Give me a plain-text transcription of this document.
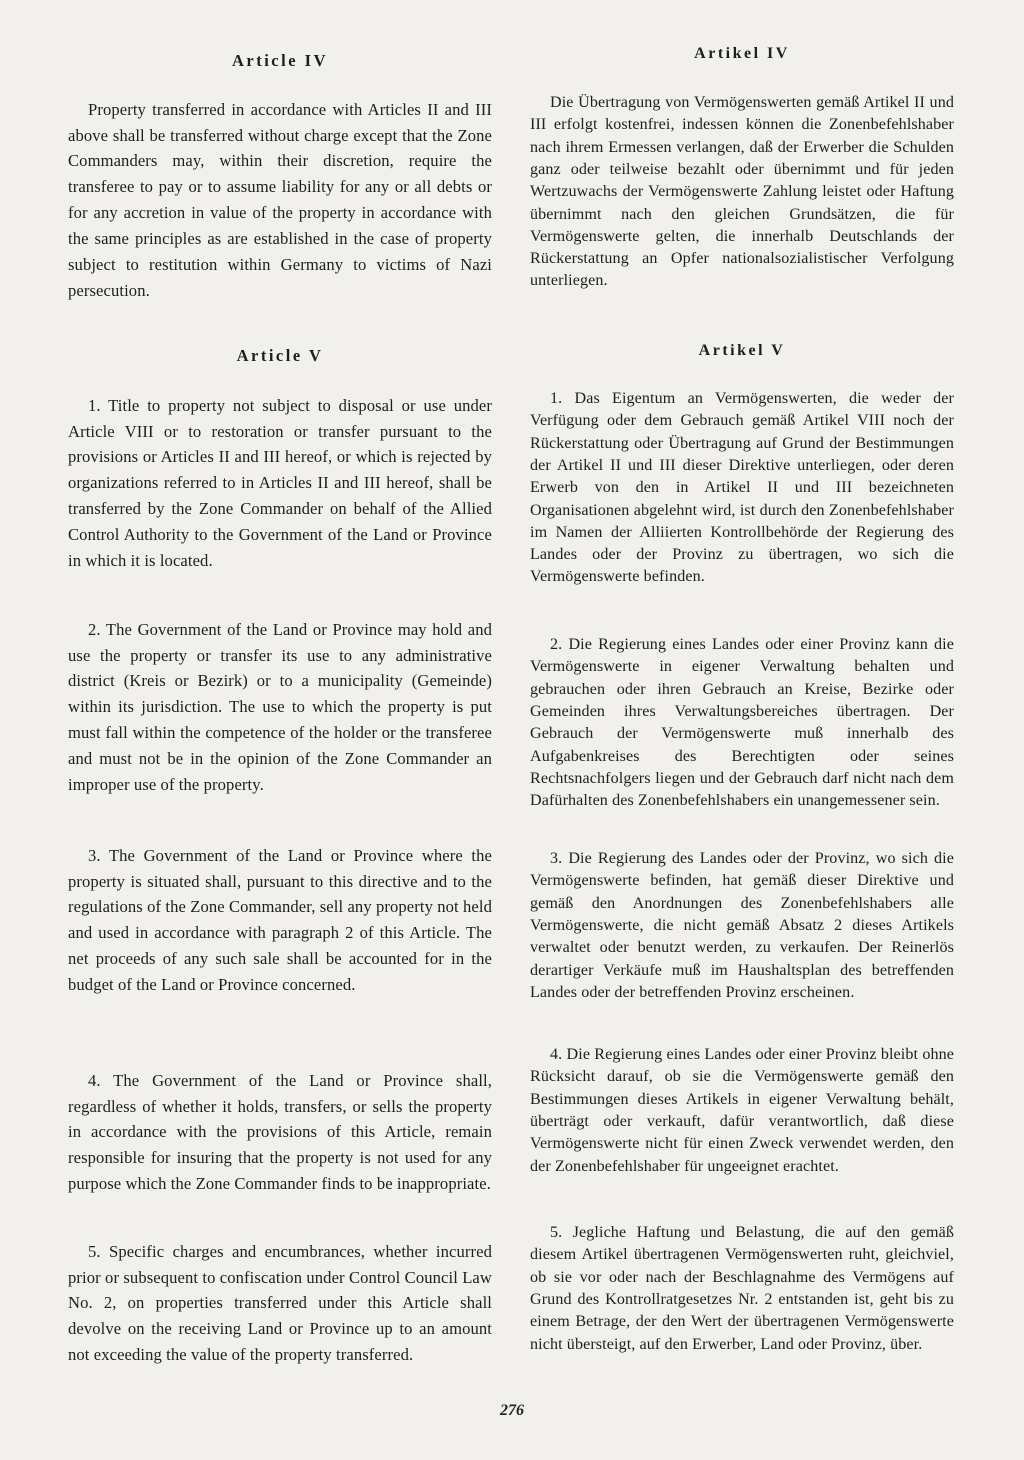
Article IV

Property transferred in accordance with Articles II and III above shall be transferred without charge except that the Zone Commanders may, within their discretion, require the transferee to pay or to assume liability for any or all debts or for any accretion in value of the property in accordance with the same principles as are established in the case of property subject to restitution within Germany to victims of Nazi persecution.

Article V

1. Title to property not subject to disposal or use under Article VIII or to restoration or transfer pursuant to the provisions or Articles II and III hereof, or which is rejected by organizations referred to in Articles II and III hereof, shall be transferred by the Zone Commander on behalf of the Allied Control Authority to the Government of the Land or Province in which it is located.

2. The Government of the Land or Province may hold and use the property or transfer its use to any administrative district (Kreis or Bezirk) or to a municipality (Gemeinde) within its jurisdiction. The use to which the property is put must fall within the competence of the holder or the transferee and must not be in the opinion of the Zone Commander an improper use of the property.

3. The Government of the Land or Province where the property is situated shall, pursuant to this directive and to the regulations of the Zone Commander, sell any property not held and used in accordance with paragraph 2 of this Article. The net proceeds of any such sale shall be accounted for in the budget of the Land or Province concerned.

4. The Government of the Land or Province shall, regardless of whether it holds, transfers, or sells the property in accordance with the provisions of this Article, remain responsible for insuring that the property is not used for any purpose which the Zone Commander finds to be inappropriate.

5. Specific charges and encumbrances, whether incurred prior or subsequent to confiscation under Control Council Law No. 2, on properties transferred under this Article shall devolve on the receiving Land or Province up to an amount not exceeding the value of the property transferred.

Artikel IV

Die Übertragung von Vermögenswerten gemäß Artikel II und III erfolgt kostenfrei, indessen können die Zonenbefehlshaber nach ihrem Ermessen verlangen, daß der Erwerber die Schulden ganz oder teilweise bezahlt oder übernimmt und für jeden Wertzuwachs der Vermögenswerte Zahlung leistet oder Haftung übernimmt nach den gleichen Grundsätzen, die für Vermögenswerte gelten, die innerhalb Deutschlands der Rückerstattung an Opfer nationalsozialistischer Verfolgung unterliegen.

Artikel V

1. Das Eigentum an Vermögenswerten, die weder der Verfügung oder dem Gebrauch gemäß Artikel VIII noch der Rückerstattung oder Übertragung auf Grund der Bestimmungen der Artikel II und III dieser Direktive unterliegen, oder deren Erwerb von den in Artikel II und III bezeichneten Organisationen abgelehnt wird, ist durch den Zonenbefehlshaber im Namen der Alliierten Kontrollbehörde der Regierung des Landes oder der Provinz zu übertragen, wo sich die Vermögenswerte befinden.

2. Die Regierung eines Landes oder einer Provinz kann die Vermögenswerte in eigener Verwaltung behalten und gebrauchen oder ihren Gebrauch an Kreise, Bezirke oder Gemeinden ihres Verwaltungsbereiches übertragen. Der Gebrauch der Vermögenswerte muß innerhalb des Aufgabenkreises des Berechtigten oder seines Rechtsnachfolgers liegen und der Gebrauch darf nicht nach dem Dafürhalten des Zonenbefehlshabers ein unangemessener sein.

3. Die Regierung des Landes oder der Provinz, wo sich die Vermögenswerte befinden, hat gemäß dieser Direktive und gemäß den Anordnungen des Zonenbefehlshabers alle Vermögenswerte, die nicht gemäß Absatz 2 dieses Artikels verwaltet oder benutzt werden, zu verkaufen. Der Reinerlös derartiger Verkäufe muß im Haushaltsplan des betreffenden Landes oder der betreffenden Provinz erscheinen.

4. Die Regierung eines Landes oder einer Provinz bleibt ohne Rücksicht darauf, ob sie die Vermögenswerte gemäß den Bestimmungen dieses Artikels in eigener Verwaltung behält, überträgt oder verkauft, dafür verantwortlich, daß diese Vermögenswerte nicht für einen Zweck verwendet werden, den der Zonenbefehlshaber für ungeeignet erachtet.

5. Jegliche Haftung und Belastung, die auf den gemäß diesem Artikel übertragenen Vermögenswerten ruht, gleichviel, ob sie vor oder nach der Beschlagnahme des Vermögens auf Grund des Kontrollratgesetzes Nr. 2 entstanden ist, geht bis zu einem Betrage, der den Wert der übertragenen Vermögenswerte nicht übersteigt, auf den Erwerber, Land oder Provinz, über.

276
